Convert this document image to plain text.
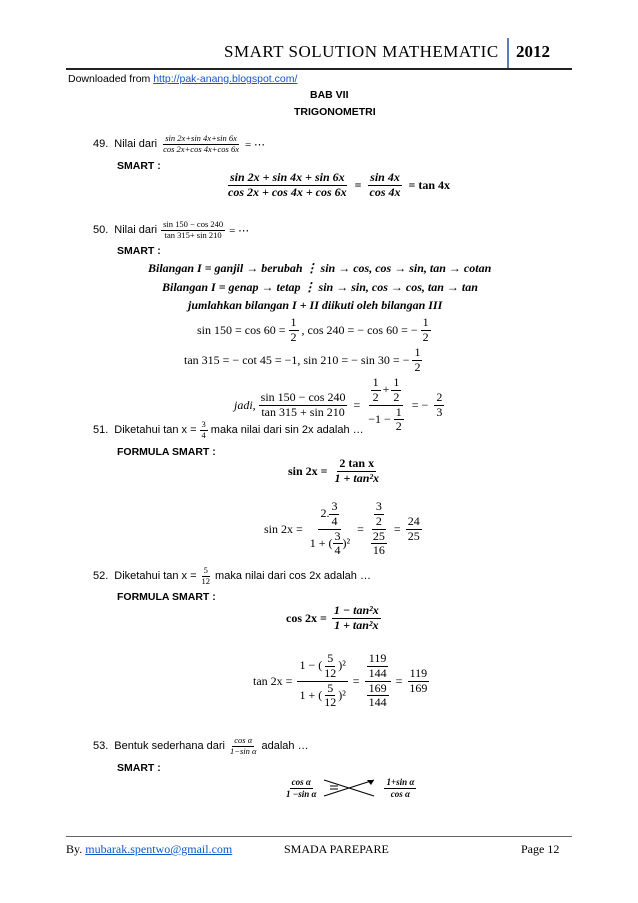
SMART SOLUTION MATHEMATIC 2012
Downloaded from http://pak-anang.blogspot.com/
BAB VII
TRIGONOMETRI
49. Nilai dari $\frac{\sin 2x+\sin 4x+\sin 6x}{\cos 2x+\cos 4x+\cos 6x}$ = ⋯
SMART :
$\frac{\sin 2x + \sin 4x + \sin 6x}{\cos 2x + \cos 4x + \cos 6x} = \frac{\sin 4x}{\cos 4x} = \tan 4x$
50. Nilai dari $\frac{\sin 150 - \cos 240}{\tan 315+ \sin 210}$ = ⋯
SMART :
Bilangan I = ganjil → berubah ⋮ sin → cos, cos → sin, tan → cotan
Bilangan I = genap → tetap ⋮ sin → sin, cos → cos, tan → tan
jumlahkan bilangan I + II diikuti oleh bilangan III
$\sin 150 = \cos 60 = \frac{1}{2}$ , cos 240 = − cos 60 = − $\frac{1}{2}$
tan 315 = − cot 45 = −1, sin 210 = − sin 30 = − $\frac{1}{2}$
jadi, $\frac{\sin 150 - \cos 240}{\tan 315 + \sin 210} = \frac{\frac{1}{2} + \frac{1}{2}}{-1 - \frac{1}{2}}$ = − $\frac{2}{3}$
51. Diketahui $\tan x = \frac{3}{4}$ maka nilai dari sin 2x adalah …
FORMULA SMART :
$\sin 2x = \frac{\text{2 tan x}}{\text{1 + tan²x}}$
$\sin 2x = \frac{2. \frac{3}{4}}{1 + ( \frac{3}{4} )^2} = \frac{\frac{3}{2}}{\frac{25}{16}} = \frac{24}{25}$
52. Diketahui $\tan x = \frac{5}{12}$ maka nilai dari cos 2x adalah …
FORMULA SMART :
$\cos 2x = \frac{\text{1 − tan²x}}{\text{1 + tan²x}}$
$\tan 2x = \frac{1 - ( \frac{5}{12} )^2}{1 + ( \frac{5}{12} )^2} = \frac{\frac{119}{144}}{\frac{169}{144}} = \frac{119}{169}$
53. Bentuk sederhana dari $\frac{\text{cos α}}{\text{1−sin α}}$ adalah …
SMART :
$\frac{\text{cos α}}{\text{1 −sin α}}$	$\frac{\text{1+sin α}}{\text{cos α}}$
By. mubarak.spentwo@gmail.com	SMADA PAREPARE	Page 12
